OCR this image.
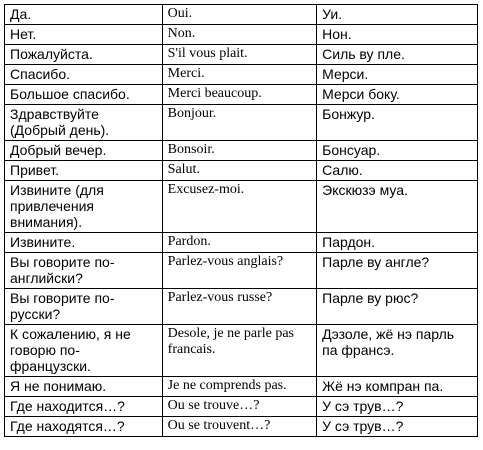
Да.	Oui.	Уи.
Нет.	Non.	Нон.
Пожалуйста.	S'il vous plait.	Силь ву пле.
Спасибо.	Merci.	Мерси.
Большое спасибо.	Merci beaucoup.	Мерси боку.
Здравствуйте (Добрый день).	Bonjour.	Бонжур.
Добрый вечер.	Bonsoir.	Бонсуар.
Привет.	Salut.	Салю.
Извините (для привлечения внимания).	Excusez-moi.	Экскюзэ муа.
Извините.	Pardon.	Пардон.
Вы говорите по-английски?	Parlez-vous anglais?	Парле ву англе?
Вы говорите по-русски?	Parlez-vous russe?	Парле ву рюс?
К сожалению, я не говорю по-французски.	Desole, je ne parle pas francais.	Дэзоле, жё нэ парль па франсэ.
Я не понимаю.	Je ne comprends pas.	Жё нэ компран па.
Где находится…?	Ou se trouve…?	У сэ трув…?
Где находятся…?	Ou se trouvent…?	У сэ трув…?
